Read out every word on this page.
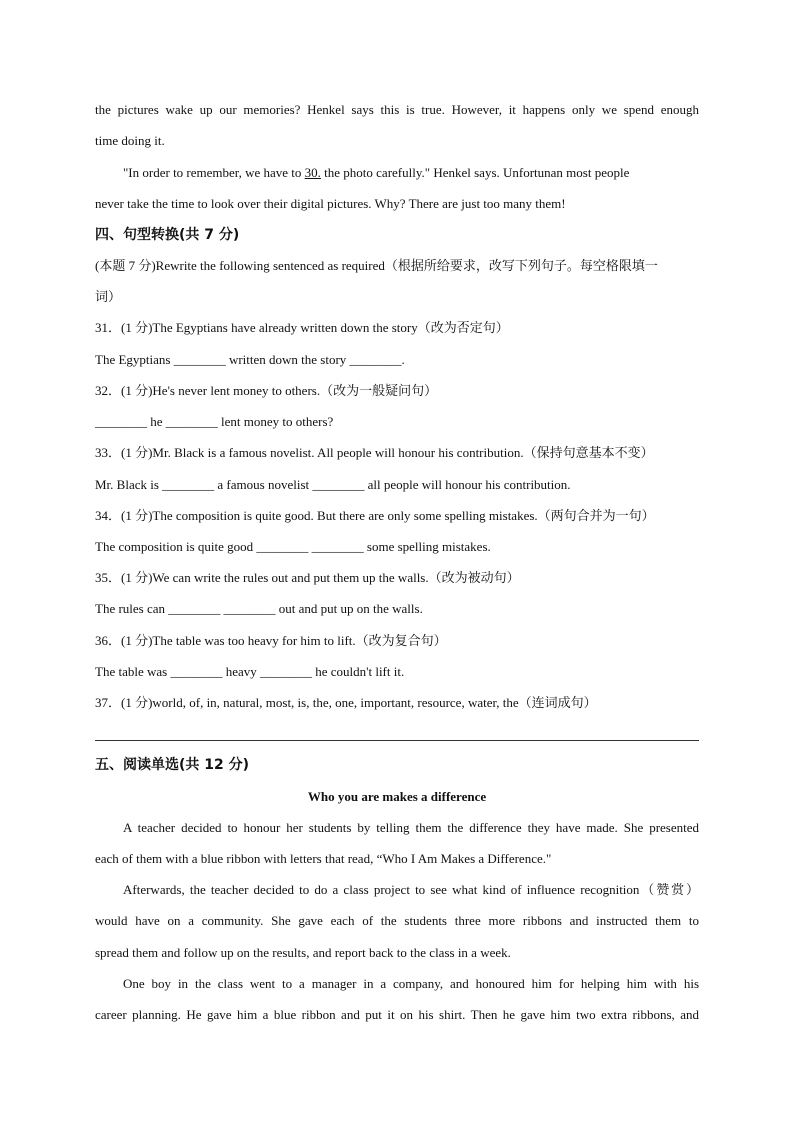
the pictures wake up our memories? Henkel says this is true. However, it happens only we spend enough
time doing it.
"In order to remember, we have to 30. the photo carefully." Henkel says. Unfortunan most people
never take the time to look over their digital pictures. Why? There are just too many them!
四、句型转换(共 7 分)
(本题 7 分)Rewrite the following sentenced as required（根据所给要求，改写下列句子。每空格限填一
词）
31．(1 分)The Egyptians have already written down the story（改为否定句）
The Egyptians ________ written down the story ________.
32．(1 分)He's never lent money to others.（改为一般疑问句）
________ he ________ lent money to others?
33．(1 分)Mr. Black is a famous novelist. All people will honour his contribution.（保持句意基本不变）
Mr. Black is ________ a famous novelist ________ all people will honour his contribution.
34．(1 分)The composition is quite good. But there are only some spelling mistakes.（两句合并为一句）
The composition is quite good ________ ________ some spelling mistakes.
35．(1 分)We can write the rules out and put them up the walls.（改为被动句）
The rules can ________ ________ out and put up on the walls.
36．(1 分)The table was too heavy for him to lift.（改为复合句）
The table was ________ heavy ________ he couldn't lift it.
37．(1 分)world, of, in, natural, most, is, the, one, important, resource, water, the（连词成句）
五、阅读单选(共 12 分)
Who you are makes a difference
A teacher decided to honour her students by telling them the difference they have made. She presented
each of them with a blue ribbon with letters that read, “Who I Am Makes a Difference."
Afterwards, the teacher decided to do a class project to see what kind of influence recognition（赞赏）
would have on a community. She gave each of the students three more ribbons and instructed them to
spread them and follow up on the results, and report back to the class in a week.
One boy in the class went to a manager in a company, and honoured him for helping him with his
career planning. He gave him a blue ribbon and put it on his shirt. Then he gave him two extra ribbons, and
